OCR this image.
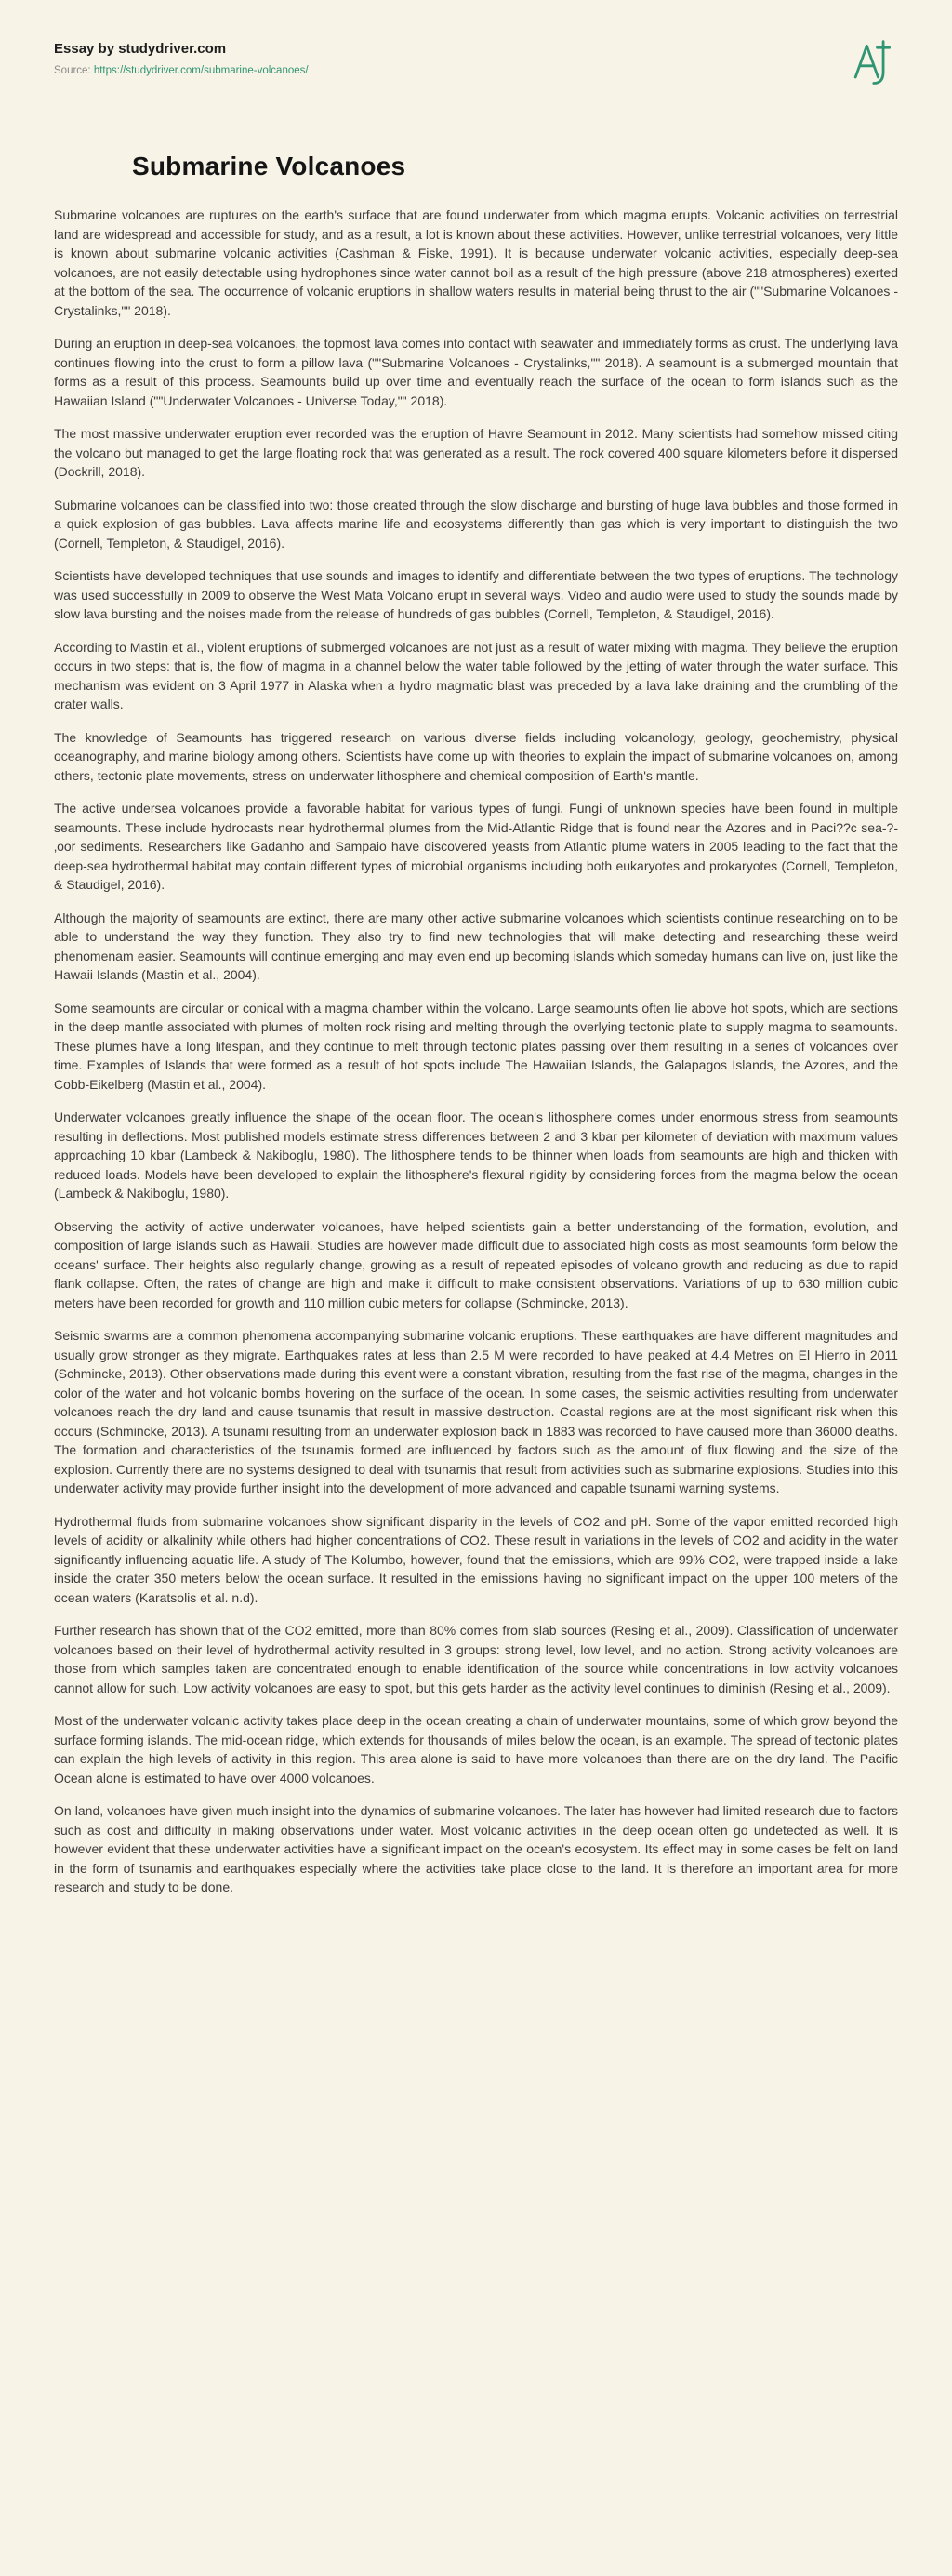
Essay by studydriver.com

Source: https://studydriver.com/submarine-volcanoes/
Submarine Volcanoes

Submarine volcanoes are ruptures on the earth's surface that are found underwater from which magma erupts. Volcanic activities on terrestrial land are widespread and accessible for study, and as a result, a lot is known about these activities. However, unlike terrestrial volcanoes, very little is known about submarine volcanic activities (Cashman & Fiske, 1991). It is because underwater volcanic activities, especially deep-sea volcanoes, are not easily detectable using hydrophones since water cannot boil as a result of the high pressure (above 218 atmospheres) exerted at the bottom of the sea. The occurrence of volcanic eruptions in shallow waters results in material being thrust to the air (""Submarine Volcanoes - Crystalinks,"" 2018).

During an eruption in deep-sea volcanoes, the topmost lava comes into contact with seawater and immediately forms as crust. The underlying lava continues flowing into the crust to form a pillow lava (""Submarine Volcanoes - Crystalinks,"" 2018). A seamount is a submerged mountain that forms as a result of this process. Seamounts build up over time and eventually reach the surface of the ocean to form islands such as the Hawaiian Island (""Underwater Volcanoes - Universe Today,"" 2018).

The most massive underwater eruption ever recorded was the eruption of Havre Seamount in 2012. Many scientists had somehow missed citing the volcano but managed to get the large floating rock that was generated as a result. The rock covered 400 square kilometers before it dispersed (Dockrill, 2018).

Submarine volcanoes can be classified into two: those created through the slow discharge and bursting of huge lava bubbles and those formed in a quick explosion of gas bubbles. Lava affects marine life and ecosystems differently than gas which is very important to distinguish the two (Cornell, Templeton, & Staudigel, 2016).

Scientists have developed techniques that use sounds and images to identify and differentiate between the two types of eruptions. The technology was used successfully in 2009 to observe the West Mata Volcano erupt in several ways. Video and audio were used to study the sounds made by slow lava bursting and the noises made from the release of hundreds of gas bubbles (Cornell, Templeton, & Staudigel, 2016).

According to Mastin et al., violent eruptions of submerged volcanoes are not just as a result of water mixing with magma. They believe the eruption occurs in two steps: that is, the flow of magma in a channel below the water table followed by the jetting of water through the water surface. This mechanism was evident on 3 April 1977 in Alaska when a hydro magmatic blast was preceded by a lava lake draining and the crumbling of the crater walls.

The knowledge of Seamounts has triggered research on various diverse fields including volcanology, geology, geochemistry, physical oceanography, and marine biology among others. Scientists have come up with theories to explain the impact of submarine volcanoes on, among others, tectonic plate movements, stress on underwater lithosphere and chemical composition of Earth's mantle.

The active undersea volcanoes provide a favorable habitat for various types of fungi. Fungi of unknown species have been found in multiple seamounts. These include hydrocasts near hydrothermal plumes from the Mid-Atlantic Ridge that is found near the Azores and in Paci??c sea-?‚oor sediments. Researchers like Gadanho and Sampaio have discovered yeasts from Atlantic plume waters in 2005 leading to the fact that the deep-sea hydrothermal habitat may contain different types of microbial organisms including both eukaryotes and prokaryotes (Cornell, Templeton, & Staudigel, 2016).

Although the majority of seamounts are extinct, there are many other active submarine volcanoes which scientists continue researching on to be able to understand the way they function. They also try to find new technologies that will make detecting and researching these weird phenomenam easier. Seamounts will continue emerging and may even end up becoming islands which someday humans can live on, just like the Hawaii Islands (Mastin et al., 2004).

Some seamounts are circular or conical with a magma chamber within the volcano. Large seamounts often lie above hot spots, which are sections in the deep mantle associated with plumes of molten rock rising and melting through the overlying tectonic plate to supply magma to seamounts. These plumes have a long lifespan, and they continue to melt through tectonic plates passing over them resulting in a series of volcanoes over time. Examples of Islands that were formed as a result of hot spots include The Hawaiian Islands, the Galapagos Islands, the Azores, and the Cobb-Eikelberg (Mastin et al., 2004).

Underwater volcanoes greatly influence the shape of the ocean floor. The ocean's lithosphere comes under enormous stress from seamounts resulting in deflections. Most published models estimate stress differences between 2 and 3 kbar per kilometer of deviation with maximum values approaching 10 kbar (Lambeck & Nakiboglu, 1980). The lithosphere tends to be thinner when loads from seamounts are high and thicken with reduced loads. Models have been developed to explain the lithosphere's flexural rigidity by considering forces from the magma below the ocean (Lambeck & Nakiboglu, 1980).

Observing the activity of active underwater volcanoes, have helped scientists gain a better understanding of the formation, evolution, and composition of large islands such as Hawaii. Studies are however made difficult due to associated high costs as most seamounts form below the oceans' surface. Their heights also regularly change, growing as a result of repeated episodes of volcano growth and reducing as due to rapid flank collapse. Often, the rates of change are high and make it difficult to make consistent observations. Variations of up to 630 million cubic meters have been recorded for growth and 110 million cubic meters for collapse (Schmincke, 2013).

Seismic swarms are a common phenomena accompanying submarine volcanic eruptions. These earthquakes are have different magnitudes and usually grow stronger as they migrate. Earthquakes rates at less than 2.5 M were recorded to have peaked at 4.4 Metres on El Hierro in 2011 (Schmincke, 2013). Other observations made during this event were a constant vibration, resulting from the fast rise of the magma, changes in the color of the water and hot volcanic bombs hovering on the surface of the ocean. In some cases, the seismic activities resulting from underwater volcanoes reach the dry land and cause tsunamis that result in massive destruction. Coastal regions are at the most significant risk when this occurs (Schmincke, 2013). A tsunami resulting from an underwater explosion back in 1883 was recorded to have caused more than 36000 deaths. The formation and characteristics of the tsunamis formed are influenced by factors such as the amount of flux flowing and the size of the explosion. Currently there are no systems designed to deal with tsunamis that result from activities such as submarine explosions. Studies into this underwater activity may provide further insight into the development of more advanced and capable tsunami warning systems.

Hydrothermal fluids from submarine volcanoes show significant disparity in the levels of CO2 and pH. Some of the vapor emitted recorded high levels of acidity or alkalinity while others had higher concentrations of CO2. These result in variations in the levels of CO2 and acidity in the water significantly influencing aquatic life. A study of The Kolumbo, however, found that the emissions, which are 99% CO2, were trapped inside a lake inside the crater 350 meters below the ocean surface. It resulted in the emissions having no significant impact on the upper 100 meters of the ocean waters (Karatsolis et al. n.d).

Further research has shown that of the CO2 emitted, more than 80% comes from slab sources (Resing et al., 2009). Classification of underwater volcanoes based on their level of hydrothermal activity resulted in 3 groups: strong level, low level, and no action. Strong activity volcanoes are those from which samples taken are concentrated enough to enable identification of the source while concentrations in low activity volcanoes cannot allow for such. Low activity volcanoes are easy to spot, but this gets harder as the activity level continues to diminish (Resing et al., 2009).

Most of the underwater volcanic activity takes place deep in the ocean creating a chain of underwater mountains, some of which grow beyond the surface forming islands. The mid-ocean ridge, which extends for thousands of miles below the ocean, is an example. The spread of tectonic plates can explain the high levels of activity in this region. This area alone is said to have more volcanoes than there are on the dry land. The Pacific Ocean alone is estimated to have over 4000 volcanoes.

On land, volcanoes have given much insight into the dynamics of submarine volcanoes. The later has however had limited research due to factors such as cost and difficulty in making observations under water. Most volcanic activities in the deep ocean often go undetected as well. It is however evident that these underwater activities have a significant impact on the ocean's ecosystem. Its effect may in some cases be felt on land in the form of tsunamis and earthquakes especially where the activities take place close to the land. It is therefore an important area for more research and study to be done.
